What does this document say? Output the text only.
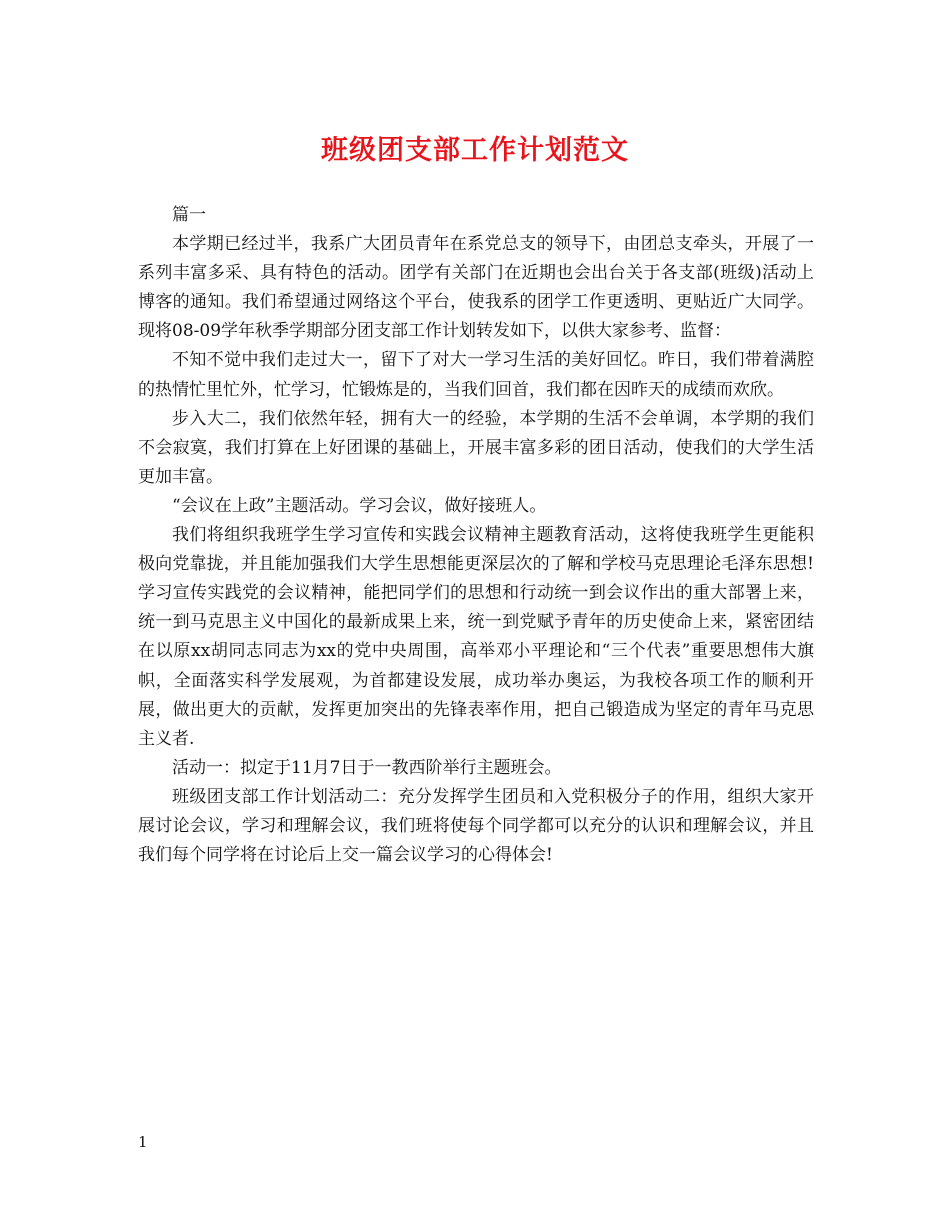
班级团支部工作计划范文

篇一

本学期已经过半，我系广大团员青年在系党总支的领导下，由团总支牵头，开展了一系列丰富多采、具有特色的活动。团学有关部门在近期也会出台关于各支部(班级)活动上博客的通知。我们希望通过网络这个平台，使我系的团学工作更透明、更贴近广大同学。现将08-09学年秋季学期部分团支部工作计划转发如下，以供大家参考、监督：

不知不觉中我们走过大一，留下了对大一学习生活的美好回忆。昨日，我们带着满腔的热情忙里忙外，忙学习，忙锻炼是的，当我们回首，我们都在因昨天的成绩而欢欣。

步入大二，我们依然年轻，拥有大一的经验，本学期的生活不会单调，本学期的我们不会寂寞，我们打算在上好团课的基础上，开展丰富多彩的团日活动，使我们的大学生活更加丰富。

“会议在上政”主题活动。学习会议，做好接班人。

我们将组织我班学生学习宣传和实践会议精神主题教育活动，这将使我班学生更能积极向党靠拢，并且能加强我们大学生思想能更深层次的了解和学校马克思理论毛泽东思想!学习宣传实践党的会议精神，能把同学们的思想和行动统一到会议作出的重大部署上来，统一到马克思主义中国化的最新成果上来，统一到党赋予青年的历史使命上来，紧密团结在以原xx胡同志同志为xx的党中央周围，高举邓小平理论和“三个代表”重要思想伟大旗帜，全面落实科学发展观，为首都建设发展，成功举办奥运，为我校各项工作的顺利开展，做出更大的贡献，发挥更加突出的先锋表率作用，把自己锻造成为坚定的青年马克思主义者.

活动一：拟定于11月7日于一教西阶举行主题班会。

班级团支部工作计划活动二：充分发挥学生团员和入党积极分子的作用，组织大家开展讨论会议，学习和理解会议，我们班将使每个同学都可以充分的认识和理解会议，并且我们每个同学将在讨论后上交一篇会议学习的心得体会!

1
